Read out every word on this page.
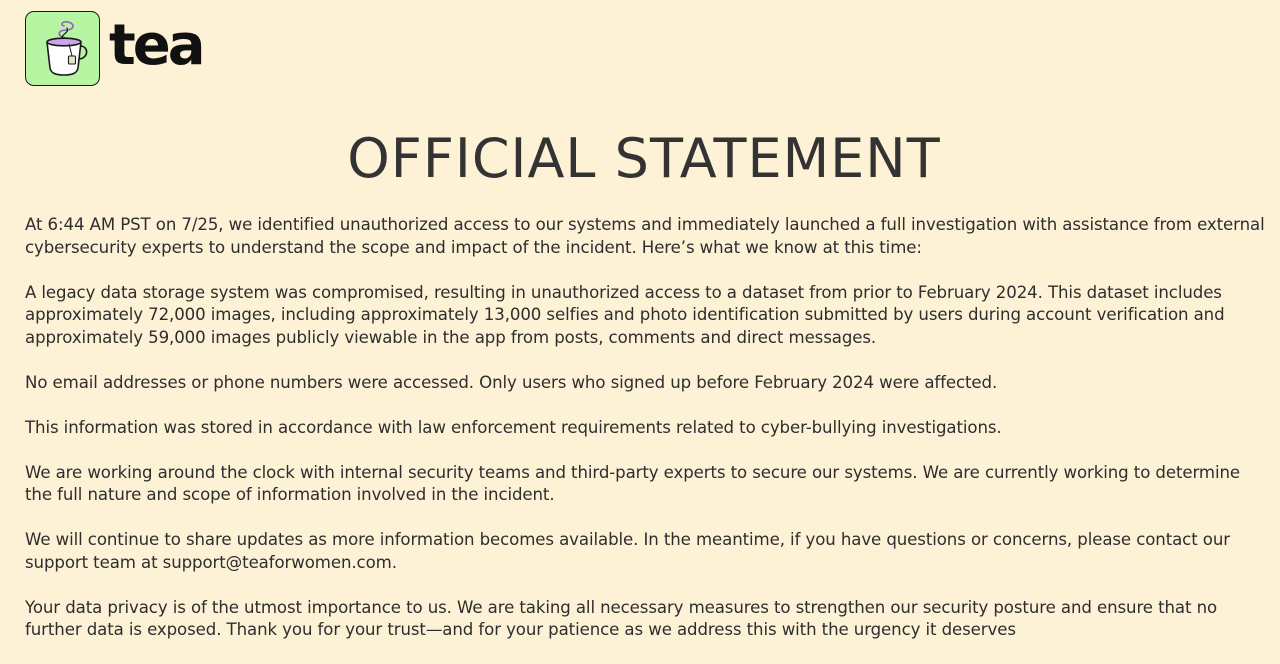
tea
OFFICIAL STATEMENT

At 6:44 AM PST on 7/25, we identified unauthorized access to our systems and immediately launched a full investigation with assistance from external cybersecurity experts to understand the scope and impact of the incident. Here’s what we know at this time:

A legacy data storage system was compromised, resulting in unauthorized access to a dataset from prior to February 2024. This dataset includes approximately 72,000 images, including approximately 13,000 selfies and photo identification submitted by users during account verification and approximately 59,000 images publicly viewable in the app from posts, comments and direct messages.

No email addresses or phone numbers were accessed. Only users who signed up before February 2024 were affected.

This information was stored in accordance with law enforcement requirements related to cyber-bullying investigations.

We are working around the clock with internal security teams and third-party experts to secure our systems. We are currently working to determine the full nature and scope of information involved in the incident.

We will continue to share updates as more information becomes available. In the meantime, if you have questions or concerns, please contact our support team at support@teaforwomen.com.

Your data privacy is of the utmost importance to us. We are taking all necessary measures to strengthen our security posture and ensure that no further data is exposed. Thank you for your trust—and for your patience as we address this with the urgency it deserves
